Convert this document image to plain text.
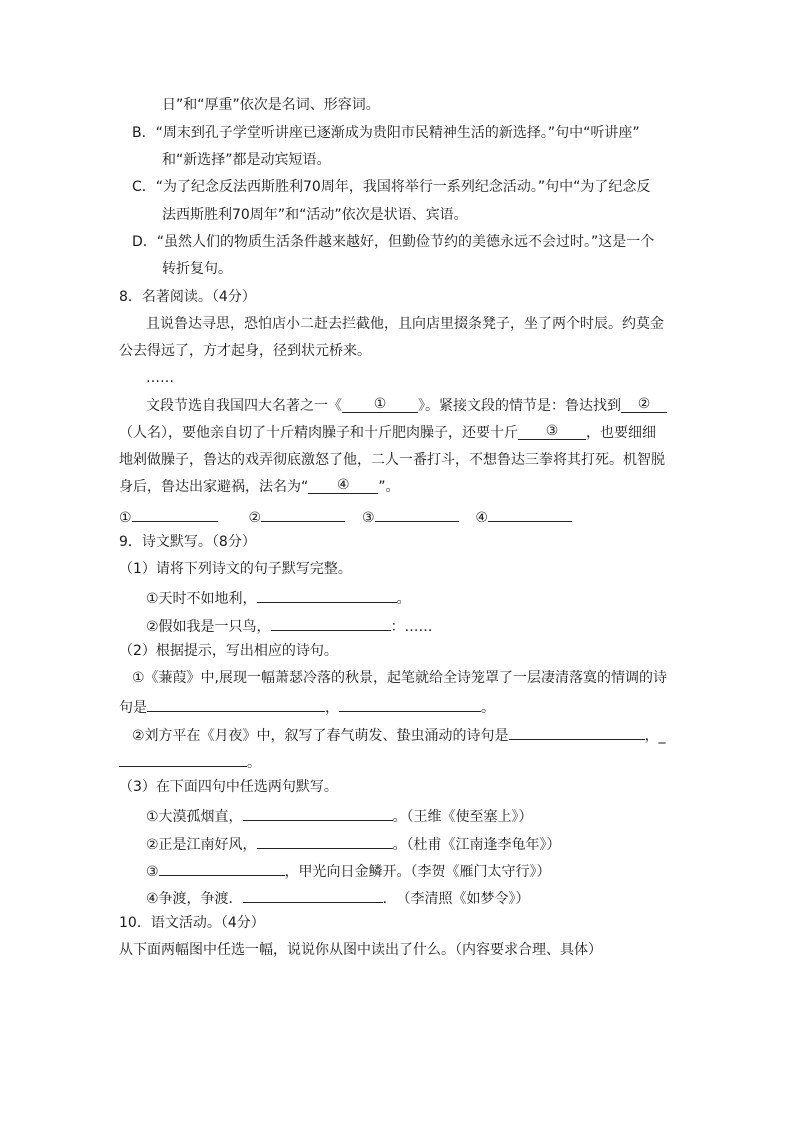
日”和“厚重”依次是名词、形容词。
B．“周末到孔子学堂听讲座已逐渐成为贵阳市民精神生活的新选择。”句中“听讲座”
和“新选择”都是动宾短语。
C．“为了纪念反法西斯胜利70周年，我国将举行一系列纪念活动。”句中“为了纪念反
法西斯胜利70周年”和“活动”依次是状语、宾语。
D．“虽然人们的物质生活条件越来越好，但勤俭节约的美德永远不会过时。”这是一个
转折复句。
8．名著阅读。（4分）
且说鲁达寻思，恐怕店小二赶去拦截他，且向店里掇条凳子，坐了两个时辰。约莫金
公去得远了，方才起身，径到状元桥来。
……
文段节选自我国四大名著之一《 ① 》。紧接文段的情节是：鲁达找到 ②
（人名），要他亲自切了十斤精肉臊子和十斤肥肉臊子，还要十斤 ③ ，也要细细
地剁做臊子，鲁达的戏弄彻底激怒了他，二人一番打斗，不想鲁达三拳将其打死。机智脱
身后，鲁达出家避祸，法名为“ ④ ”。
①	②	③	④
9．诗文默写。（8分）
（1）请将下列诗文的句子默写完整。
①天时不如地利，	。
②假如我是一只鸟，	：……
（2）根据提示，写出相应的诗句。
①《蒹葭》中,展现一幅萧瑟冷落的秋景，起笔就给全诗笼罩了一层凄清落寞的情调的诗
句是	，	。
②刘方平在《月夜》中，叙写了春气萌发、蛰虫涌动的诗句是	，_
。
（3）在下面四句中任选两句默写。
①大漠孤烟直，	。（王维《使至塞上》）
②正是江南好风，	。（杜甫《江南逢李龟年》）
③	，甲光向日金鳞开。（李贺《雁门太守行》）
④争渡，争渡．	．　（李清照《如梦令》）
10．语文活动。（4分）
从下面两幅图中任选一幅，说说你从图中读出了什么。（内容要求合理、具体）
